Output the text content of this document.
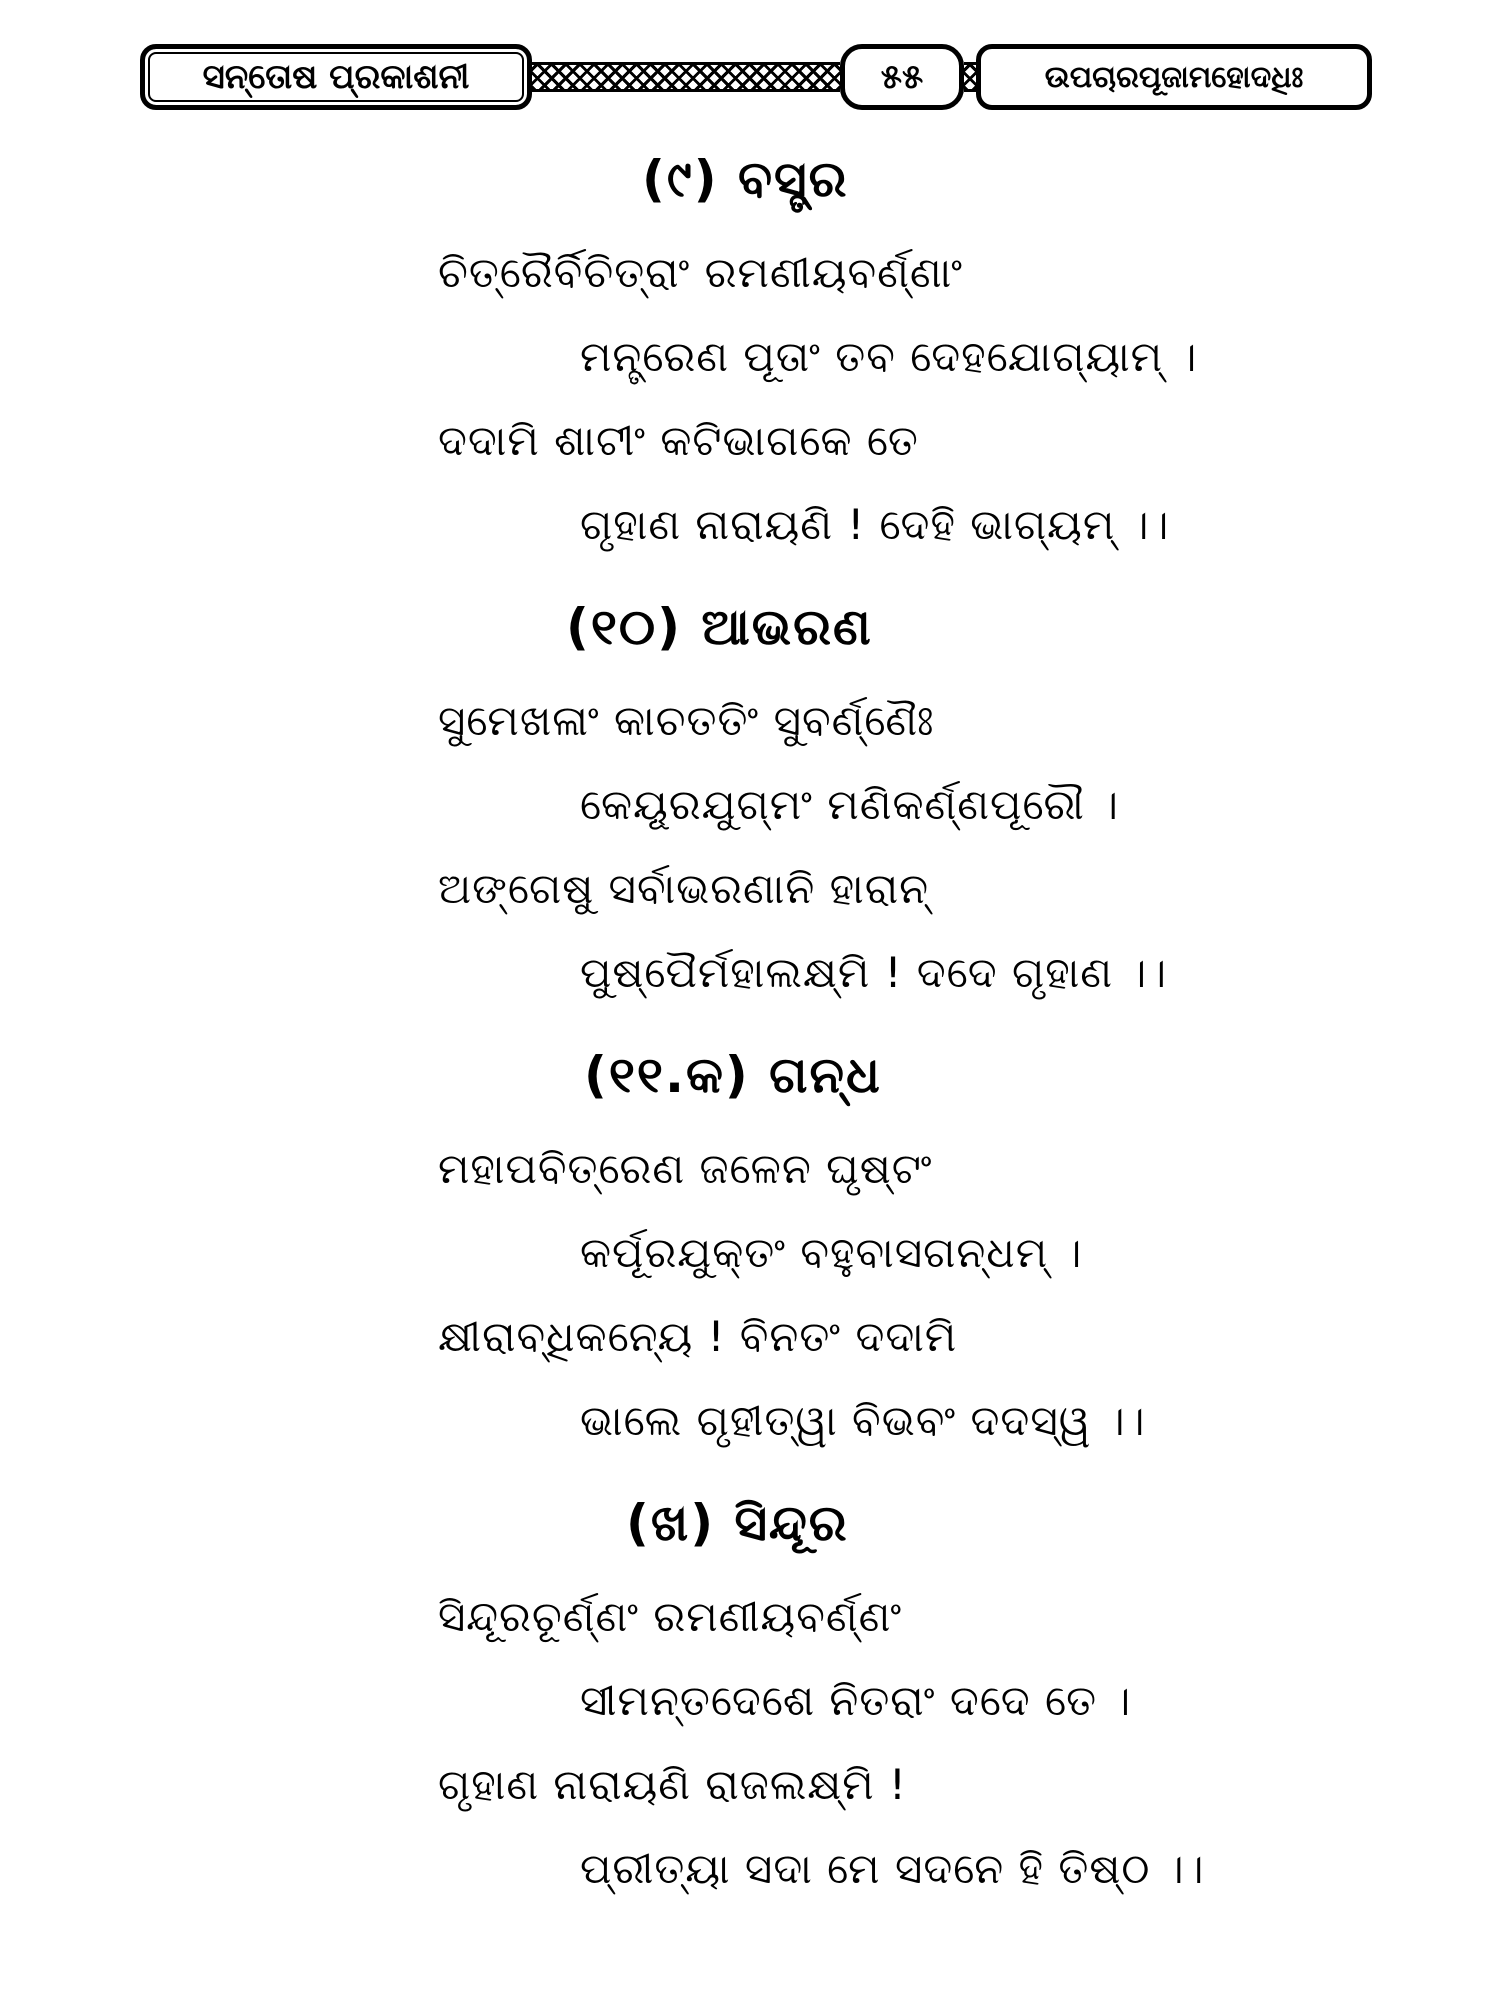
ସନ୍ତୋଷ ପ୍ରକାଶନୀ	୫୫	ଉପଚାରପୂଜାମହୋଦଧିଃ
(୯) ବସ୍ତ୍ର
ଚିତ୍ରୈର୍ବିଚିତ୍ରାଂ ରମଣୀୟବର୍ଣ୍ଣାଂ
ମନ୍ତ୍ରେଣ ପୂତାଂ ତବ ଦେହଯୋଗ୍ୟାମ୍ ।
ଦଦାମି ଶାଟୀଂ କଟିଭାଗକେ ତେ
ଗୃହାଣ ନାରାୟଣି ! ଦେହି ଭାଗ୍ୟମ୍ ।।
(୧୦) ଆଭରଣ
ସୁମେଖଳାଂ କାଚତତିଂ ସୁବର୍ଣ୍ଣୈଃ
କେୟୂରଯୁଗ୍ମଂ ମଣିକର୍ଣ୍ଣପୂରୌ ।
ଅଙ୍ଗେଷୁ ସର୍ବାଭରଣାନି ହାରାନ୍
ପୁଷ୍ପୈର୍ମହାଲକ୍ଷ୍ମି ! ଦଦେ ଗୃହାଣ ।।
(୧୧.କ) ଗନ୍ଧ
ମହାପବିତ୍ରେଣ ଜଳେନ ଘୃଷ୍ଟଂ
କର୍ପୂରଯୁକ୍ତଂ ବହୁବାସଗନ୍ଧମ୍ ।
କ୍ଷୀରାବ୍ଧିକନ୍ୟେ ! ବିନତଂ ଦଦାମି
ଭାଲେ ଗୃହୀତ୍ୱା ବିଭବଂ ଦଦସ୍ୱ ।।
(ଖ) ସିନ୍ଦୂର
ସିନ୍ଦୂରଚୂର୍ଣ୍ଣଂ ରମଣୀୟବର୍ଣ୍ଣଂ
ସୀମନ୍ତଦେଶେ ନିତରାଂ ଦଦେ ତେ ।
ଗୃହାଣ ନାରାୟଣି ରାଜଲକ୍ଷ୍ମି !
ପ୍ରୀତ୍ୟା ସଦା ମେ ସଦନେ ହି ତିଷ୍ଠ ।।
